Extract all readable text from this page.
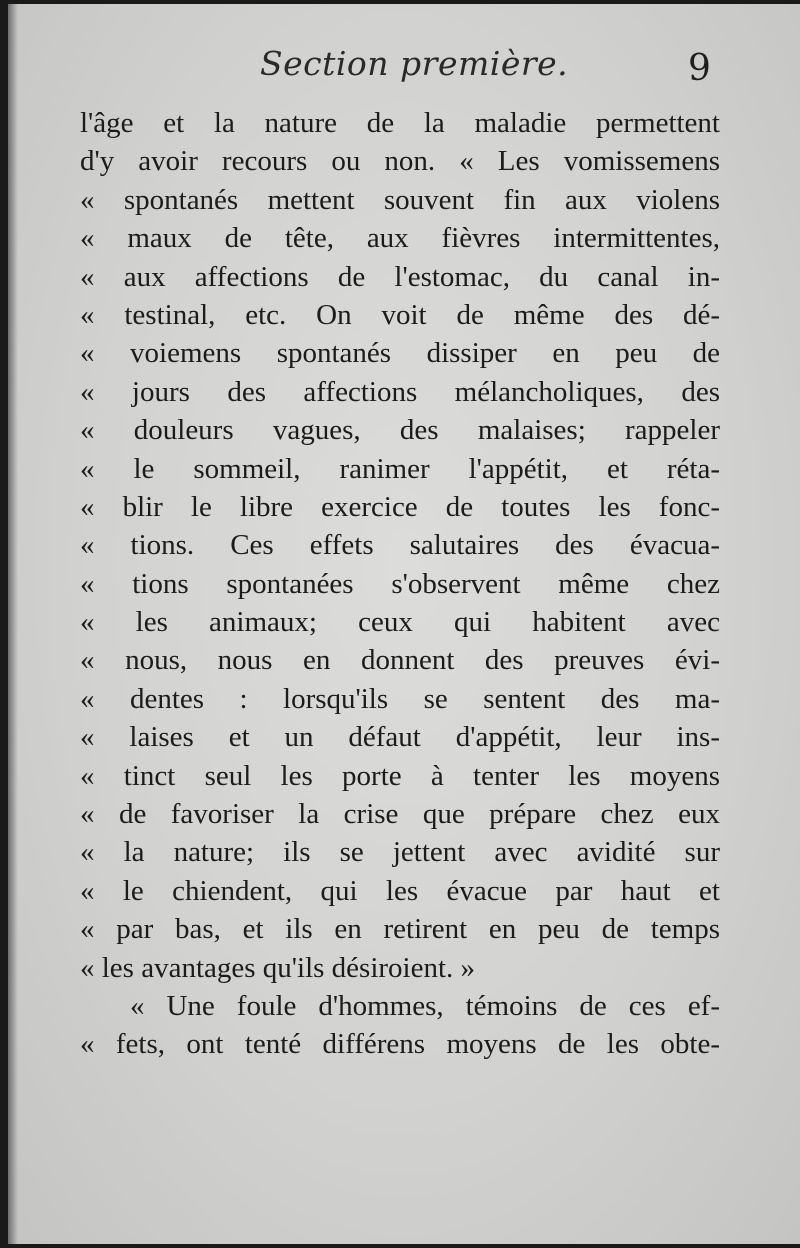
Section première.	9
l'âge et la nature de la maladie permettent
d'y avoir recours ou non. « Les vomissemens
« spontanés mettent souvent fin aux violens
« maux de tête, aux fièvres intermittentes,
« aux affections de l'estomac, du canal in-
« testinal, etc. On voit de même des dé-
« voiemens spontanés dissiper en peu de
« jours des affections mélancholiques, des
« douleurs vagues, des malaises; rappeler
« le sommeil, ranimer l'appétit, et réta-
« blir le libre exercice de toutes les fonc-
« tions. Ces effets salutaires des évacua-
« tions spontanées s'observent même chez
« les animaux; ceux qui habitent avec
« nous, nous en donnent des preuves évi-
« dentes : lorsqu'ils se sentent des ma-
« laises et un défaut d'appétit, leur ins-
« tinct seul les porte à tenter les moyens
« de favoriser la crise que prépare chez eux
« la nature; ils se jettent avec avidité sur
« le chiendent, qui les évacue par haut et
« par bas, et ils en retirent en peu de temps
« les avantages qu'ils désiroient. »
« Une foule d'hommes, témoins de ces ef-
« fets, ont tenté différens moyens de les obte-
